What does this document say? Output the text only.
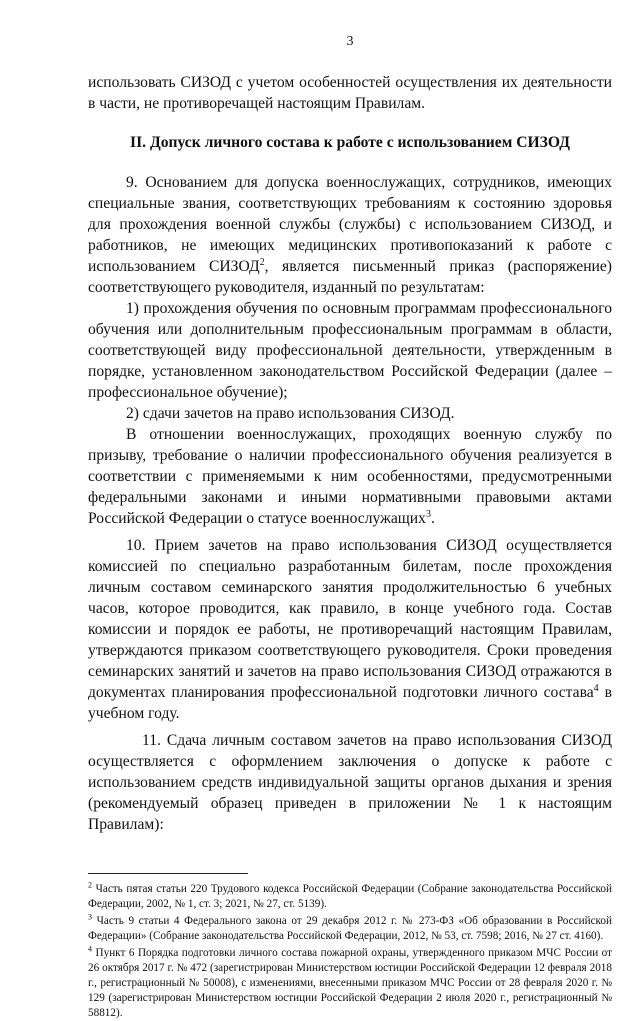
3

использовать СИЗОД с учетом особенностей осуществления их деятельности в части, не противоречащей настоящим Правилам.

II. Допуск личного состава к работе с использованием СИЗОД

9. Основанием для допуска военнослужащих, сотрудников, имеющих специальные звания, соответствующих требованиям к состоянию здоровья для прохождения военной службы (службы) с использованием СИЗОД, и работников, не имеющих медицинских противопоказаний к работе с использованием СИЗОД$^2$, является письменный приказ (распоряжение) соответствующего руководителя, изданный по результатам:

1) прохождения обучения по основным программам профессионального обучения или дополнительным профессиональным программам в области, соответствующей виду профессиональной деятельности, утвержденным в порядке, установленном законодательством Российской Федерации (далее – профессиональное обучение);

2) сдачи зачетов на право использования СИЗОД.

В отношении военнослужащих, проходящих военную службу по призыву, требование о наличии профессионального обучения реализуется в соответствии с применяемыми к ним особенностями, предусмотренными федеральными законами и иными нормативными правовыми актами Российской Федерации о статусе военнослужащих$^3$.

10. Прием зачетов на право использования СИЗОД осуществляется комиссией по специально разработанным билетам, после прохождения личным составом семинарского занятия продолжительностью 6 учебных часов, которое проводится, как правило, в конце учебного года. Состав комиссии и порядок ее работы, не противоречащий настоящим Правилам, утверждаются приказом соответствующего руководителя. Сроки проведения семинарских занятий и зачетов на право использования СИЗОД отражаются в документах планирования профессиональной подготовки личного состава$^4$ в учебном году.

11. Сдача личным составом зачетов на право использования СИЗОД осуществляется с оформлением заключения о допуске к работе с использованием средств индивидуальной защиты органов дыхания и зрения (рекомендуемый образец приведен в приложении № 1 к настоящим Правилам):

$^2$ Часть пятая статьи 220 Трудового кодекса Российской Федерации (Собрание законодательства Российской Федерации, 2002, № 1, ст. 3; 2021, № 27, ст. 5139).

$^3$ Часть 9 статьи 4 Федерального закона от 29 декабря 2012 г. № 273-ФЗ «Об образовании в Российской Федерации» (Собрание законодательства Российской Федерации, 2012, № 53, ст. 7598; 2016, № 27 ст. 4160).

$^4$ Пункт 6 Порядка подготовки личного состава пожарной охраны, утвержденного приказом МЧС России от 26 октября 2017 г. № 472 (зарегистрирован Министерством юстиции Российской Федерации 12 февраля 2018 г., регистрационный № 50008), с изменениями, внесенными приказом МЧС России от 28 февраля 2020 г. № 129 (зарегистрирован Министерством юстиции Российской Федерации 2 июля 2020 г., регистрационный № 58812).
